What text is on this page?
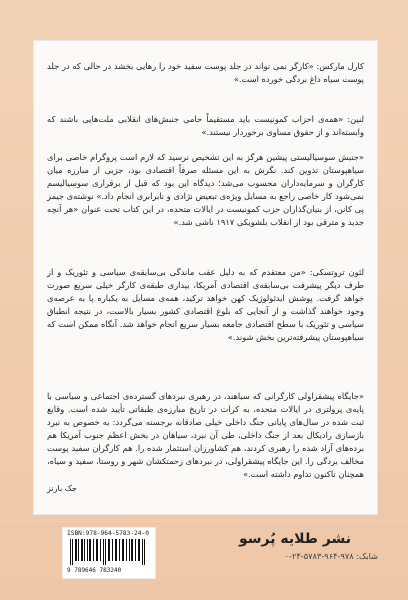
کارل مارکس: «کارگر نمی تواند در جلد پوست سفید خود را رهایی بخشد در حالی که در جلد پوست سیاه داغ بردگی خورده است.»
لنین: «همه‌ی احزاب کمونیست باید مستقیماً حامی جنبش‌های انقلابی ملت‌هایی باشند که وابسته‌اند و از حقوق مساوی برخوردار نیستند.»
«جنبش سوسیالیستی پیشین هرگز به این تشخیص نرسید که لازم است پروگرام خاصی برای سیاهپوستان تدوین کند. نگرش به این مسئله صرفاً اقتصادی بود، جزیی از مبارزه میان کارگران و سرمایه‌داران محسوب می‌شد؛ دیدگاه این بود که قبل از برقراری سوسیالیسم نمی‌شود کار خاصی راجع به مسایل ویژه‌ی تبعیض نژادی و نابرابری انجام داد.» نوشته‌ی جیمز پی کانن، از بنیان‌گذاران حزب کمونیست در ایالات متحده، در این کتاب تحت عنوان «هر آنچه جدید و مترقی بود از انقلاب بلشویکی ۱۹۱۷ ناشی شد.»
لئون تروتسکی: «من معتقدم که به دلیل عقب ماندگی بی‌سابقه‌ی سیاسی و تئوریک و از طرف دیگر پیشرفت بی‌سابقه‌ی اقتصادی آمریکا، بیداری طبقه‌ی کارگر خیلی سریع صورت خواهد گرفت. پوشش ایدئولوژیک کهن خواهد ترکید، همه‌ی مسایل به یکباره پا به عرصه‌ی وجود خواهند گذاشت و از آنجایی که بلوغ اقتصادی کشور بسیار بالاست، در نتیجه انطباق سیاسی و تئوریک با سطح اقتصادی جامعه بسیار سریع انجام خواهد شد. آنگاه ممکن است که سیاهپوستان پیشرفته‌ترین بخش شوند.»
«جایگاه پیشقراولی کارگرانی که سیاهند، در رهبری نبردهای گسترده‌ی اجتماعی و سیاسی با پایه‌ی پرولتری در ایالات متحده، به کرات در تاریخ مبارزه‌ی طبقاتی تأیید شده است. وقایع ثبت شده در سال‌های پایانی جنگ داخلی خیلی صادقانه برجسته می‌گردد: به خصوص به نبرد بازسازی رادیکال بعد از جنگ داخلی، طی آن نبرد، سیاهان در بخش اعظم جنوب آمریکا هم برده‌های آزاد شده را رهبری کردند، هم کشاورزان استثمار شده را. هم کارگران سفید پوست مخالف بردگی را. این جایگاه پیشقراولی، در نبردهای زحمتکشان شهر و روستا، سفید و سیاه، همچنان تاکنون تداوم داشته است.»
جک بارنز
نشر طلایه پُرسو
شابک: ۹۷۸-۹۶۴-۵۷۸۳-۲۴-۰
ISBN:978-964-5783-24-0
9 789646 783240
